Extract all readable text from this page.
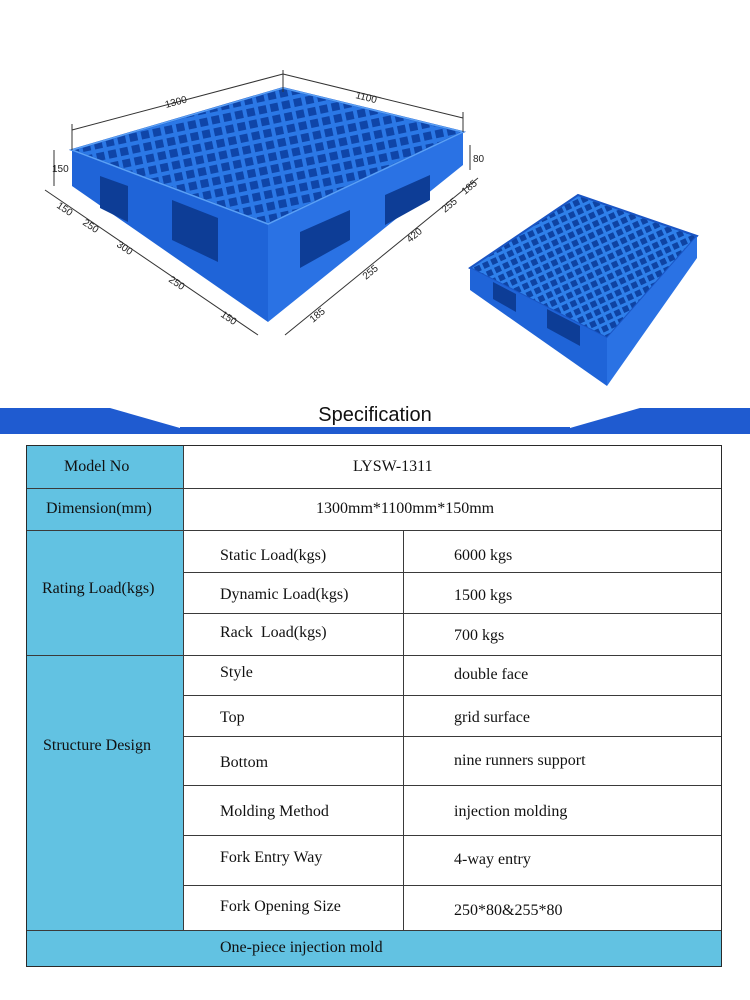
1300	1100
150
80
150
250
300
250
150	185
255
420
255
185
Specification
Model No	LYSW-1311
Dimension(mm)	1300mm*1100mm*150mm
Rating Load(kgs)
Static Load(kgs)	6000 kgs
Dynamic Load(kgs)	1500 kgs
Rack  Load(kgs)	700 kgs
Structure Design
Style	double face
Top	grid surface
Bottom	nine runners support
Molding Method	injection molding
Fork Entry Way	4-way entry
Fork Opening Size	250*80&255*80
One-piece injection mold
